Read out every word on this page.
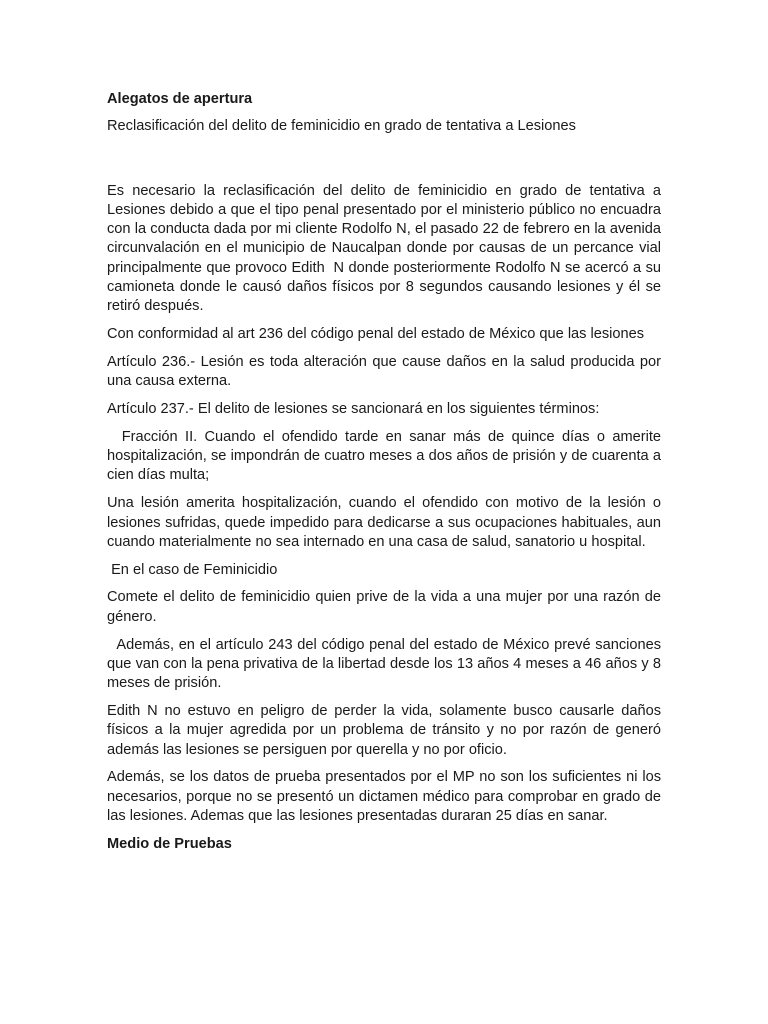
Alegatos de apertura

Reclasificación del delito de feminicidio en grado de tentativa a Lesiones

Es necesario la reclasificación del delito de feminicidio en grado de tentativa a Lesiones debido a que el tipo penal presentado por el ministerio público no encuadra con la conducta dada por mi cliente Rodolfo N, el pasado 22 de febrero en la avenida circunvalación en el municipio de Naucalpan donde por causas de un percance vial principalmente que provoco Edith  N donde posteriormente Rodolfo N se acercó a su camioneta donde le causó daños físicos por 8 segundos causando lesiones y él se retiró después.

Con conformidad al art 236 del código penal del estado de México que las lesiones

Artículo 236.- Lesión es toda alteración que cause daños en la salud producida por una causa externa.

Artículo 237.- El delito de lesiones se sancionará en los siguientes términos:

Fracción II. Cuando el ofendido tarde en sanar más de quince días o amerite hospitalización, se impondrán de cuatro meses a dos años de prisión y de cuarenta a cien días multa;

Una lesión amerita hospitalización, cuando el ofendido con motivo de la lesión o lesiones sufridas, quede impedido para dedicarse a sus ocupaciones habituales, aun cuando materialmente no sea internado en una casa de salud, sanatorio u hospital.

En el caso de Feminicidio

Comete el delito de feminicidio quien prive de la vida a una mujer por una razón de género.

Además, en el artículo 243 del código penal del estado de México prevé sanciones que van con la pena privativa de la libertad desde los 13 años 4 meses a 46 años y 8 meses de prisión.

Edith N no estuvo en peligro de perder la vida, solamente busco causarle daños físicos a la mujer agredida por un problema de tránsito y no por razón de generó además las lesiones se persiguen por querella y no por oficio.

Además, se los datos de prueba presentados por el MP no son los suficientes ni los necesarios, porque no se presentó un dictamen médico para comprobar en grado de las lesiones. Ademas que las lesiones presentadas duraran 25 días en sanar.

Medio de Pruebas
